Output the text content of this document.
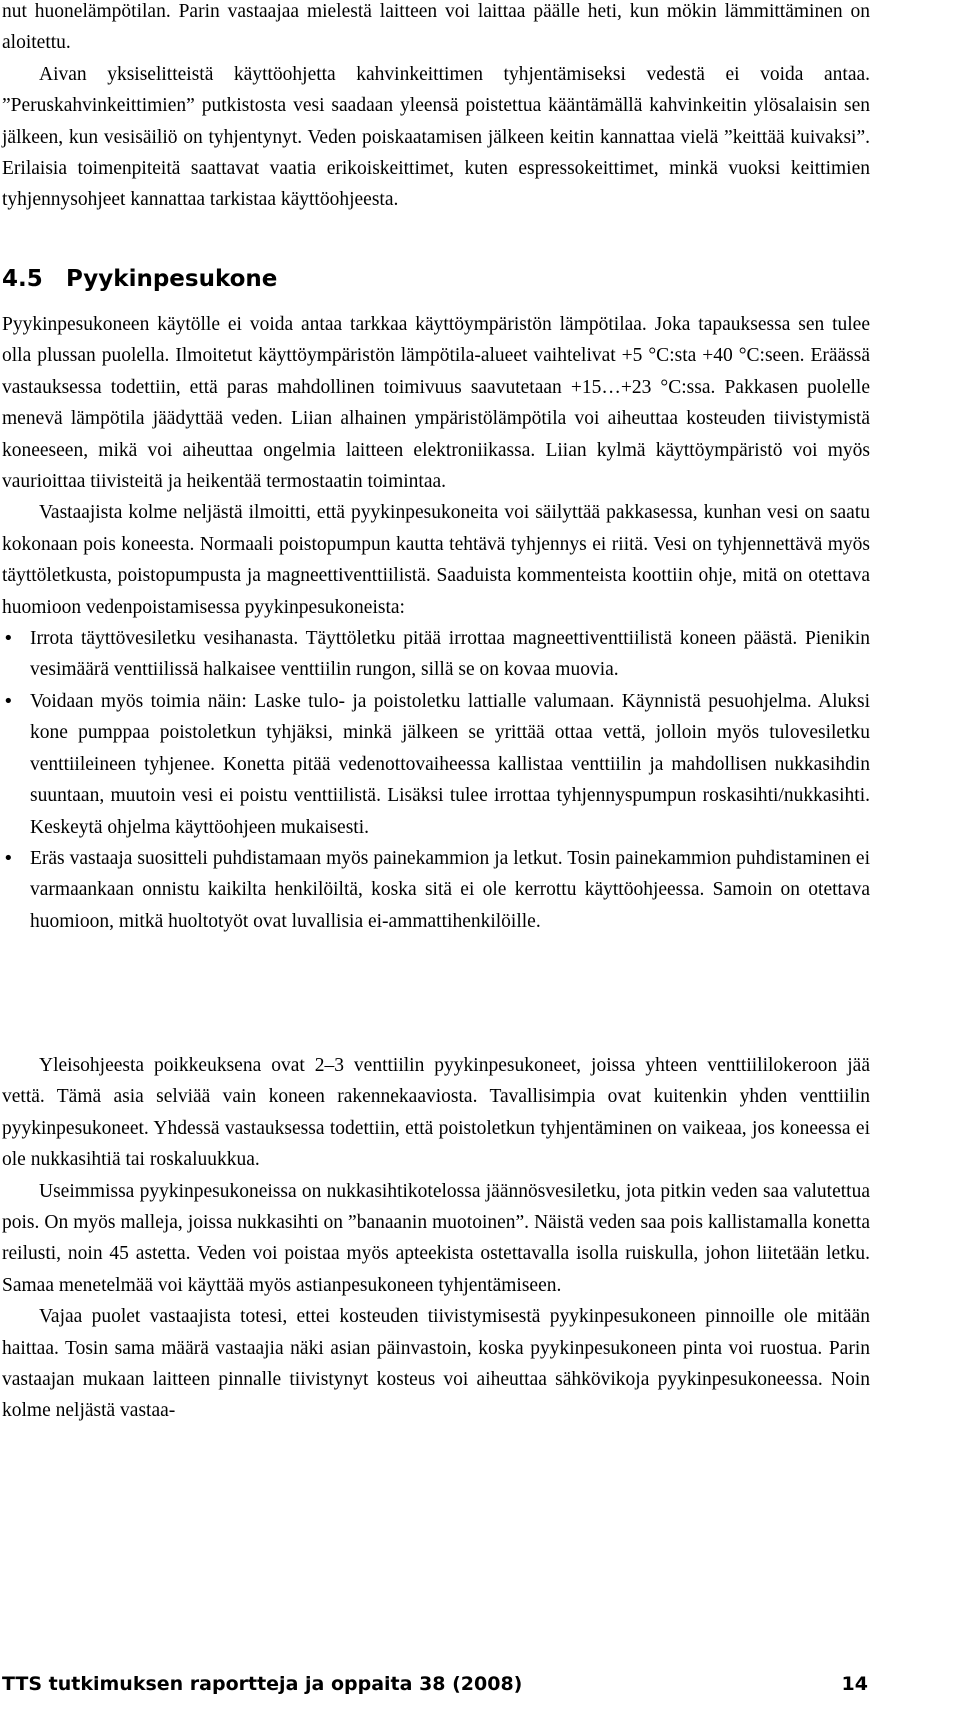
nut huonelämpötilan. Parin vastaajaa mielestä laitteen voi laittaa päälle heti, kun mökin lämmittäminen on aloitettu.

Aivan yksiselitteistä käyttöohjetta kahvinkeittimen tyhjentämiseksi vedestä ei voida antaa. ”Peruskahvinkeittimien” putkistosta vesi saadaan yleensä poistettua kääntämällä kahvinkeitin ylösalaisin sen jälkeen, kun vesisäiliö on tyhjentynyt. Veden poiskaatamisen jälkeen keitin kannattaa vielä ”keittää kuivaksi”. Erilaisia toimenpiteitä saattavat vaatia erikoiskeittimet, kuten espressokeittimet, minkä vuoksi keittimien tyhjennysohjeet kannattaa tarkistaa käyttöohjeesta.

4.5 Pyykinpesukone

Pyykinpesukoneen käytölle ei voida antaa tarkkaa käyttöympäristön lämpötilaa. Joka tapauksessa sen tulee olla plussan puolella. Ilmoitetut käyttöympäristön lämpötila-alueet vaihtelivat +5 °C:sta +40 °C:seen. Eräässä vastauksessa todettiin, että paras mahdollinen toimivuus saavutetaan +15…+23 °C:ssa. Pakkasen puolelle menevä lämpötila jäädyttää veden. Liian alhainen ympäristölämpötila voi aiheuttaa kosteuden tiivistymistä koneeseen, mikä voi aiheuttaa ongelmia laitteen elektroniikassa. Liian kylmä käyttöympäristö voi myös vaurioittaa tiivisteitä ja heikentää termostaatin toimintaa.

Vastaajista kolme neljästä ilmoitti, että pyykinpesukoneita voi säilyttää pakkasessa, kunhan vesi on saatu kokonaan pois koneesta. Normaali poistopumpun kautta tehtävä tyhjennys ei riitä. Vesi on tyhjennettävä myös täyttöletkusta, poistopumpusta ja magneettiventtiilistä. Saaduista kommenteista koottiin ohje, mitä on otettava huomioon vedenpoistamisessa pyykinpesukoneista:

• Irrota täyttövesiletku vesihanasta. Täyttöletku pitää irrottaa magneettiventtiilistä koneen päästä. Pienikin vesimäärä venttiilissä halkaisee venttiilin rungon, sillä se on kovaa muovia.
• Voidaan myös toimia näin: Laske tulo- ja poistoletku lattialle valumaan. Käynnistä pesuohjelma. Aluksi kone pumppaa poistoletkun tyhjäksi, minkä jälkeen se yrittää ottaa vettä, jolloin myös tulovesiletku venttiileineen tyhjenee. Konetta pitää vedenottovaiheessa kallistaa venttiilin ja mahdollisen nukkasihdin suuntaan, muutoin vesi ei poistu venttiilistä. Lisäksi tulee irrottaa tyhjennyspumpun roskasihti/nukkasihti. Keskeytä ohjelma käyttöohjeen mukaisesti.
• Eräs vastaaja suositteli puhdistamaan myös painekammion ja letkut. Tosin painekammion puhdistaminen ei varmaankaan onnistu kaikilta henkilöiltä, koska sitä ei ole kerrottu käyttöohjeessa. Samoin on otettava huomioon, mitkä huoltotyöt ovat luvallisia ei-ammattihenkilöille.

Yleisohjeesta poikkeuksena ovat 2–3 venttiilin pyykinpesukoneet, joissa yhteen venttiililokeroon jää vettä. Tämä asia selviää vain koneen rakennekaaviosta. Tavallisimpia ovat kuitenkin yhden venttiilin pyykinpesukoneet. Yhdessä vastauksessa todettiin, että poistoletkun tyhjentäminen on vaikeaa, jos koneessa ei ole nukkasihtiä tai roskaluukkua.

Useimmissa pyykinpesukoneissa on nukkasihtikotelossa jäännösvesiletku, jota pitkin veden saa valutettua pois. On myös malleja, joissa nukkasihti on ”banaanin muotoinen”. Näistä veden saa pois kallistamalla konetta reilusti, noin 45 astetta. Veden voi poistaa myös apteekista ostettavalla isolla ruiskulla, johon liitetään letku. Samaa menetelmää voi käyttää myös astianpesukoneen tyhjentämiseen.

Vajaa puolet vastaajista totesi, ettei kosteuden tiivistymisestä pyykinpesukoneen pinnoille ole mitään haittaa. Tosin sama määrä vastaajia näki asian päinvastoin, koska pyykinpesukoneen pinta voi ruostua. Parin vastaajan mukaan laitteen pinnalle tiivistynyt kosteus voi aiheuttaa sähkövikoja pyykinpesukoneessa. Noin kolme neljästä vastaa-

TTS tutkimuksen raportteja ja oppaita 38 (2008)	14
